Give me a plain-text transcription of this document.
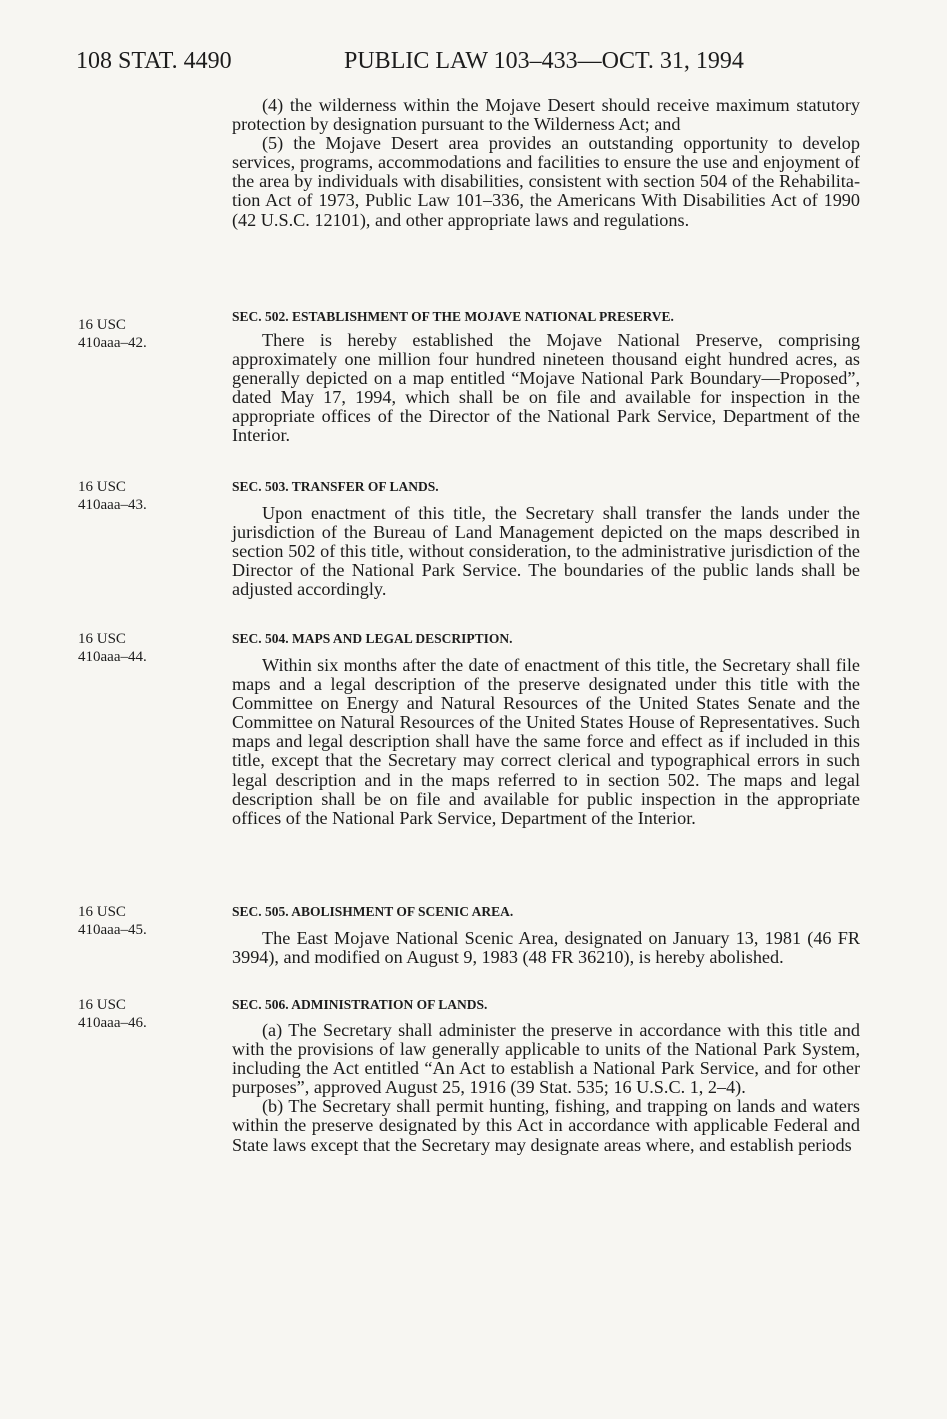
108 STAT. 4490	PUBLIC LAW 103–433—OCT. 31, 1994

(4) the wilderness within the Mojave Desert should receive maximum statutory protection by designation pursuant to the Wilderness Act; and

(5) the Mojave Desert area provides an outstanding opportunity to develop services, programs, accommodations and facilities to ensure the use and enjoyment of the area by individuals with disabilities, consistent with section 504 of the Rehabilitation Act of 1973, Public Law 101–336, the Americans With Disabilities Act of 1990 (42 U.S.C. 12101), and other appropriate laws and regulations.

16 USC
410aaa–42.
SEC. 502. ESTABLISHMENT OF THE MOJAVE NATIONAL PRESERVE.

There is hereby established the Mojave National Preserve, comprising approximately one million four hundred nineteen thousand eight hundred acres, as generally depicted on a map entitled “Mojave National Park Boundary—Proposed”, dated May 17, 1994, which shall be on file and available for inspection in the appropriate offices of the Director of the National Park Service, Department of the Interior.

16 USC
410aaa–43.
SEC. 503. TRANSFER OF LANDS.

Upon enactment of this title, the Secretary shall transfer the lands under the jurisdiction of the Bureau of Land Management depicted on the maps described in section 502 of this title, without consideration, to the administrative jurisdiction of the Director of the National Park Service. The boundaries of the public lands shall be adjusted accordingly.

16 USC
410aaa–44.
SEC. 504. MAPS AND LEGAL DESCRIPTION.

Within six months after the date of enactment of this title, the Secretary shall file maps and a legal description of the preserve designated under this title with the Committee on Energy and Natural Resources of the United States Senate and the Committee on Natural Resources of the United States House of Representatives. Such maps and legal description shall have the same force and effect as if included in this title, except that the Secretary may correct clerical and typographical errors in such legal description and in the maps referred to in section 502. The maps and legal description shall be on file and available for public inspection in the appropriate offices of the National Park Service, Department of the Interior.

16 USC
410aaa–45.
SEC. 505. ABOLISHMENT OF SCENIC AREA.

The East Mojave National Scenic Area, designated on January 13, 1981 (46 FR 3994), and modified on August 9, 1983 (48 FR 36210), is hereby abolished.

16 USC
410aaa–46.
SEC. 506. ADMINISTRATION OF LANDS.

(a) The Secretary shall administer the preserve in accordance with this title and with the provisions of law generally applicable to units of the National Park System, including the Act entitled “An Act to establish a National Park Service, and for other purposes”, approved August 25, 1916 (39 Stat. 535; 16 U.S.C. 1, 2–4).

(b) The Secretary shall permit hunting, fishing, and trapping on lands and waters within the preserve designated by this Act in accordance with applicable Federal and State laws except that the Secretary may designate areas where, and establish periods
